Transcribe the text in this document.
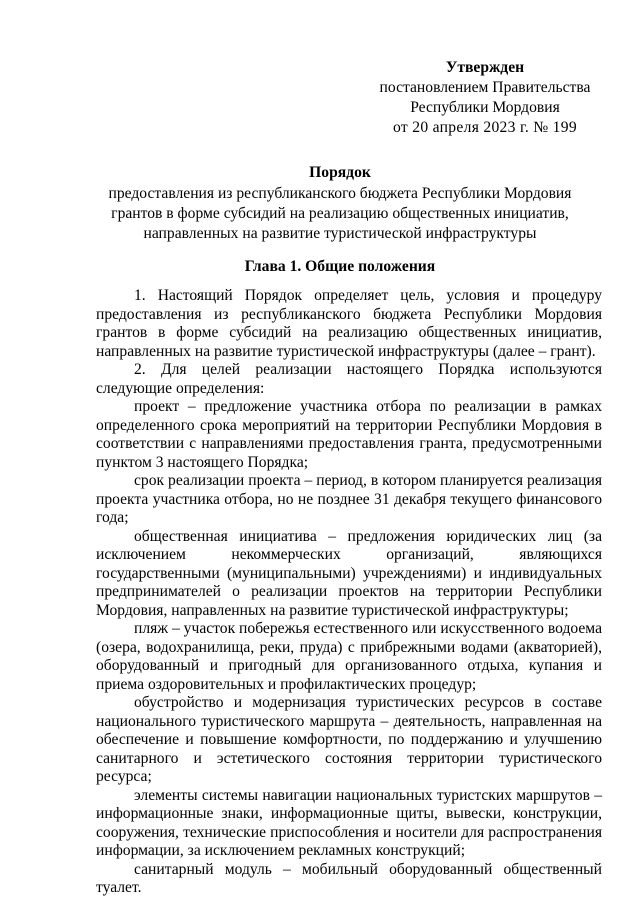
Утвержден
постановлением Правительства
Республики Мордовия
от 20 апреля 2023 г. № 199
Порядок
предоставления из республиканского бюджета Республики Мордовия
грантов в форме субсидий на реализацию общественных инициатив,
направленных на развитие туристической инфраструктуры
Глава 1. Общие положения

1. Настоящий Порядок определяет цель, условия и процедуру предоставления из республиканского бюджета Республики Мордовия грантов в форме субсидий на реализацию общественных инициатив, направленных на развитие туристической инфраструктуры (далее – грант).

2. Для целей реализации настоящего Порядка используются следующие определения:

проект – предложение участника отбора по реализации в рамках определенного срока мероприятий на территории Республики Мордовия в соответствии с направлениями предоставления гранта, предусмотренными пунктом 3 настоящего Порядка;

срок реализации проекта – период, в котором планируется реализация проекта участника отбора, но не позднее 31 декабря текущего финансового года;

общественная инициатива – предложения юридических лиц (за исключением некоммерческих организаций, являющихся государственными (муниципальными) учреждениями) и индивидуальных предпринимателей о реализации проектов на территории Республики Мордовия, направленных на развитие туристической инфраструктуры;

пляж – участок побережья естественного или искусственного водоема (озера, водохранилища, реки, пруда) с прибрежными водами (акваторией), оборудованный и пригодный для организованного отдыха, купания и приема оздоровительных и профилактических процедур;

обустройство и модернизация туристических ресурсов в составе национального туристического маршрута – деятельность, направленная на обеспечение и повышение комфортности, по поддержанию и улучшению санитарного и эстетического состояния территории туристического ресурса;

элементы системы навигации национальных туристских маршрутов – информационные знаки, информационные щиты, вывески, конструкции, сооружения, технические приспособления и носители для распространения информации, за исключением рекламных конструкций;

санитарный модуль – мобильный оборудованный общественный туалет.
